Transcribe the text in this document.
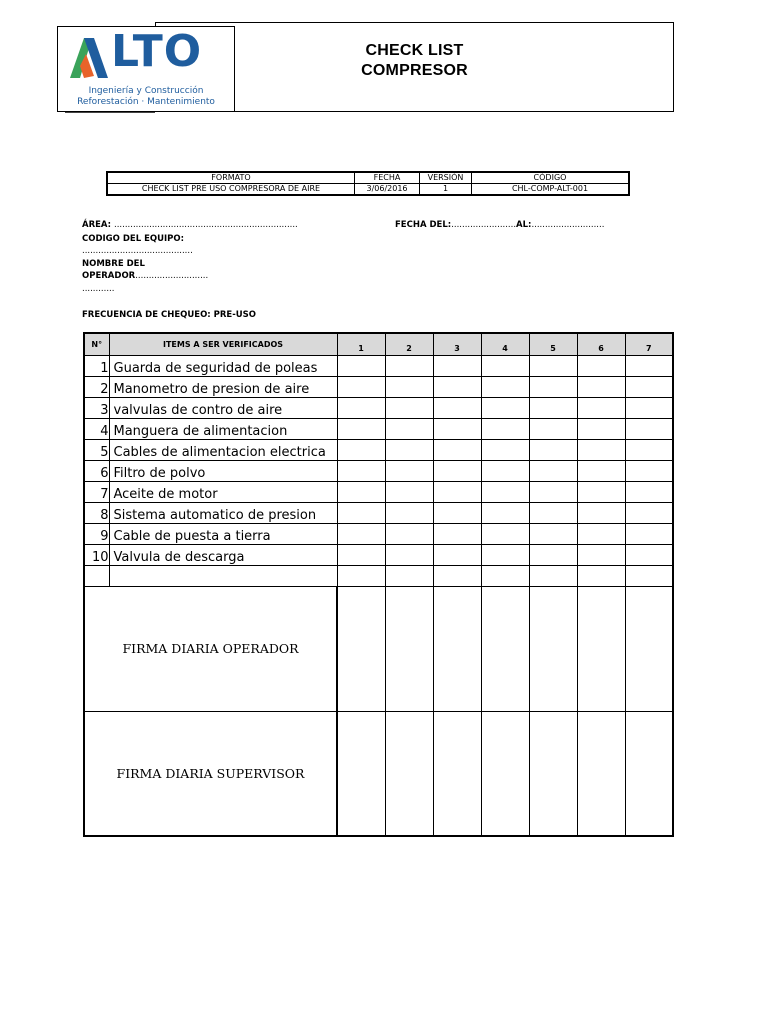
CHECK LIST
COMPRESOR
LTO
Ingeniería y Construcción
Reforestación · Mantenimiento
FORMATO	FECHA	VERSIÓN	CÓDIGO
CHECK LIST PRE USO COMPRESORA DE AIRE	3/06/2016	1	CHL-COMP-ALT-001
ÁREA: ....................................................................	FECHA DEL:........................AL:...........................
CODIGO DEL EQUIPO:
.........................................
NOMBRE DEL
OPERADOR...........................
............
FRECUENCIA DE CHEQUEO: PRE-USO
N°	ITEMS A SER VERIFICADOS	1	2	3	4	5	6	7
1	Guarda de seguridad de poleas							
2	Manometro de presion de aire							
3	valvulas de contro de aire							
4	Manguera de alimentacion							
5	Cables de alimentacion electrica							
6	Filtro de polvo							
7	Aceite de motor							
8	Sistema automatico de presion							
9	Cable de puesta a tierra							
10	Valvula de descarga							

FIRMA DIARIA OPERADOR								
FIRMA DIARIA SUPERVISOR								
